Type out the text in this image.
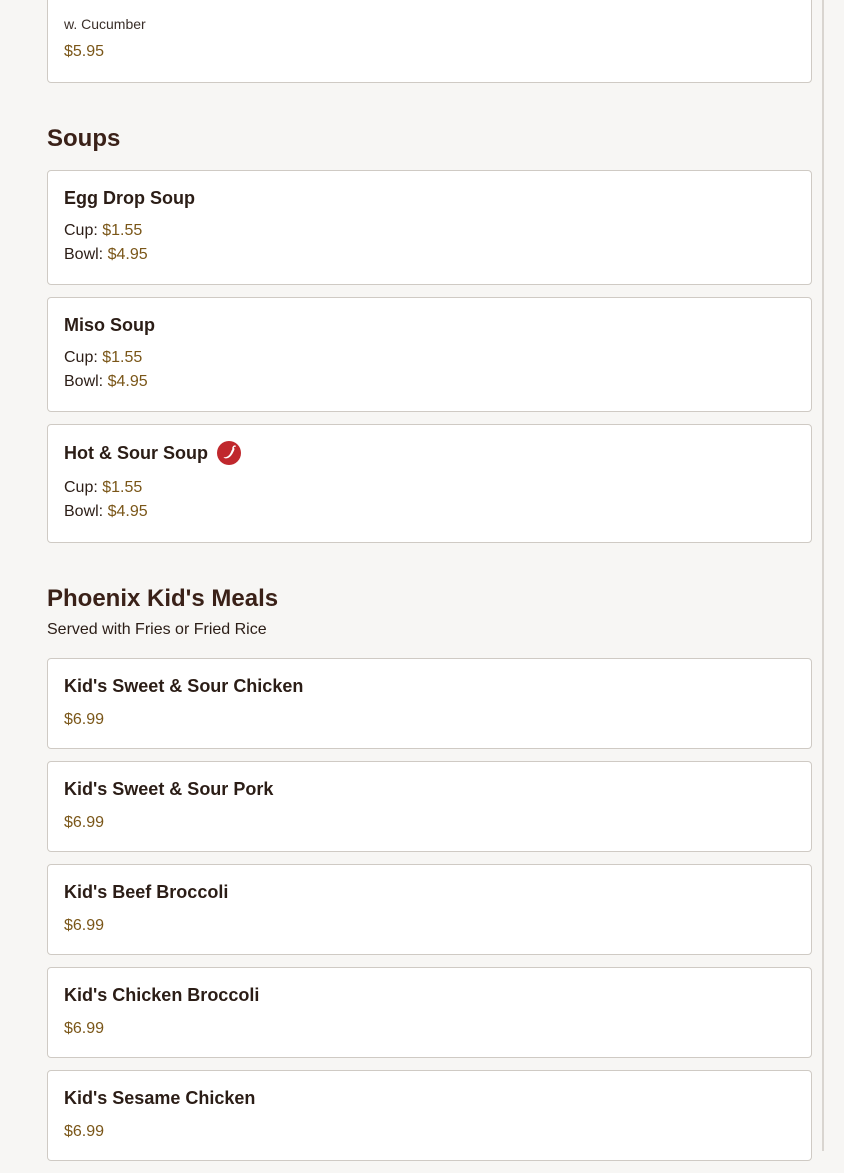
w. Cucumber
$5.95
Soups
Egg Drop Soup
Cup: $1.55
Bowl: $4.95
Miso Soup
Cup: $1.55
Bowl: $4.95
Hot & Sour Soup
Cup: $1.55
Bowl: $4.95
Phoenix Kid's Meals
Served with Fries or Fried Rice
Kid's Sweet & Sour Chicken
$6.99
Kid's Sweet & Sour Pork
$6.99
Kid's Beef Broccoli
$6.99
Kid's Chicken Broccoli
$6.99
Kid's Sesame Chicken
$6.99
